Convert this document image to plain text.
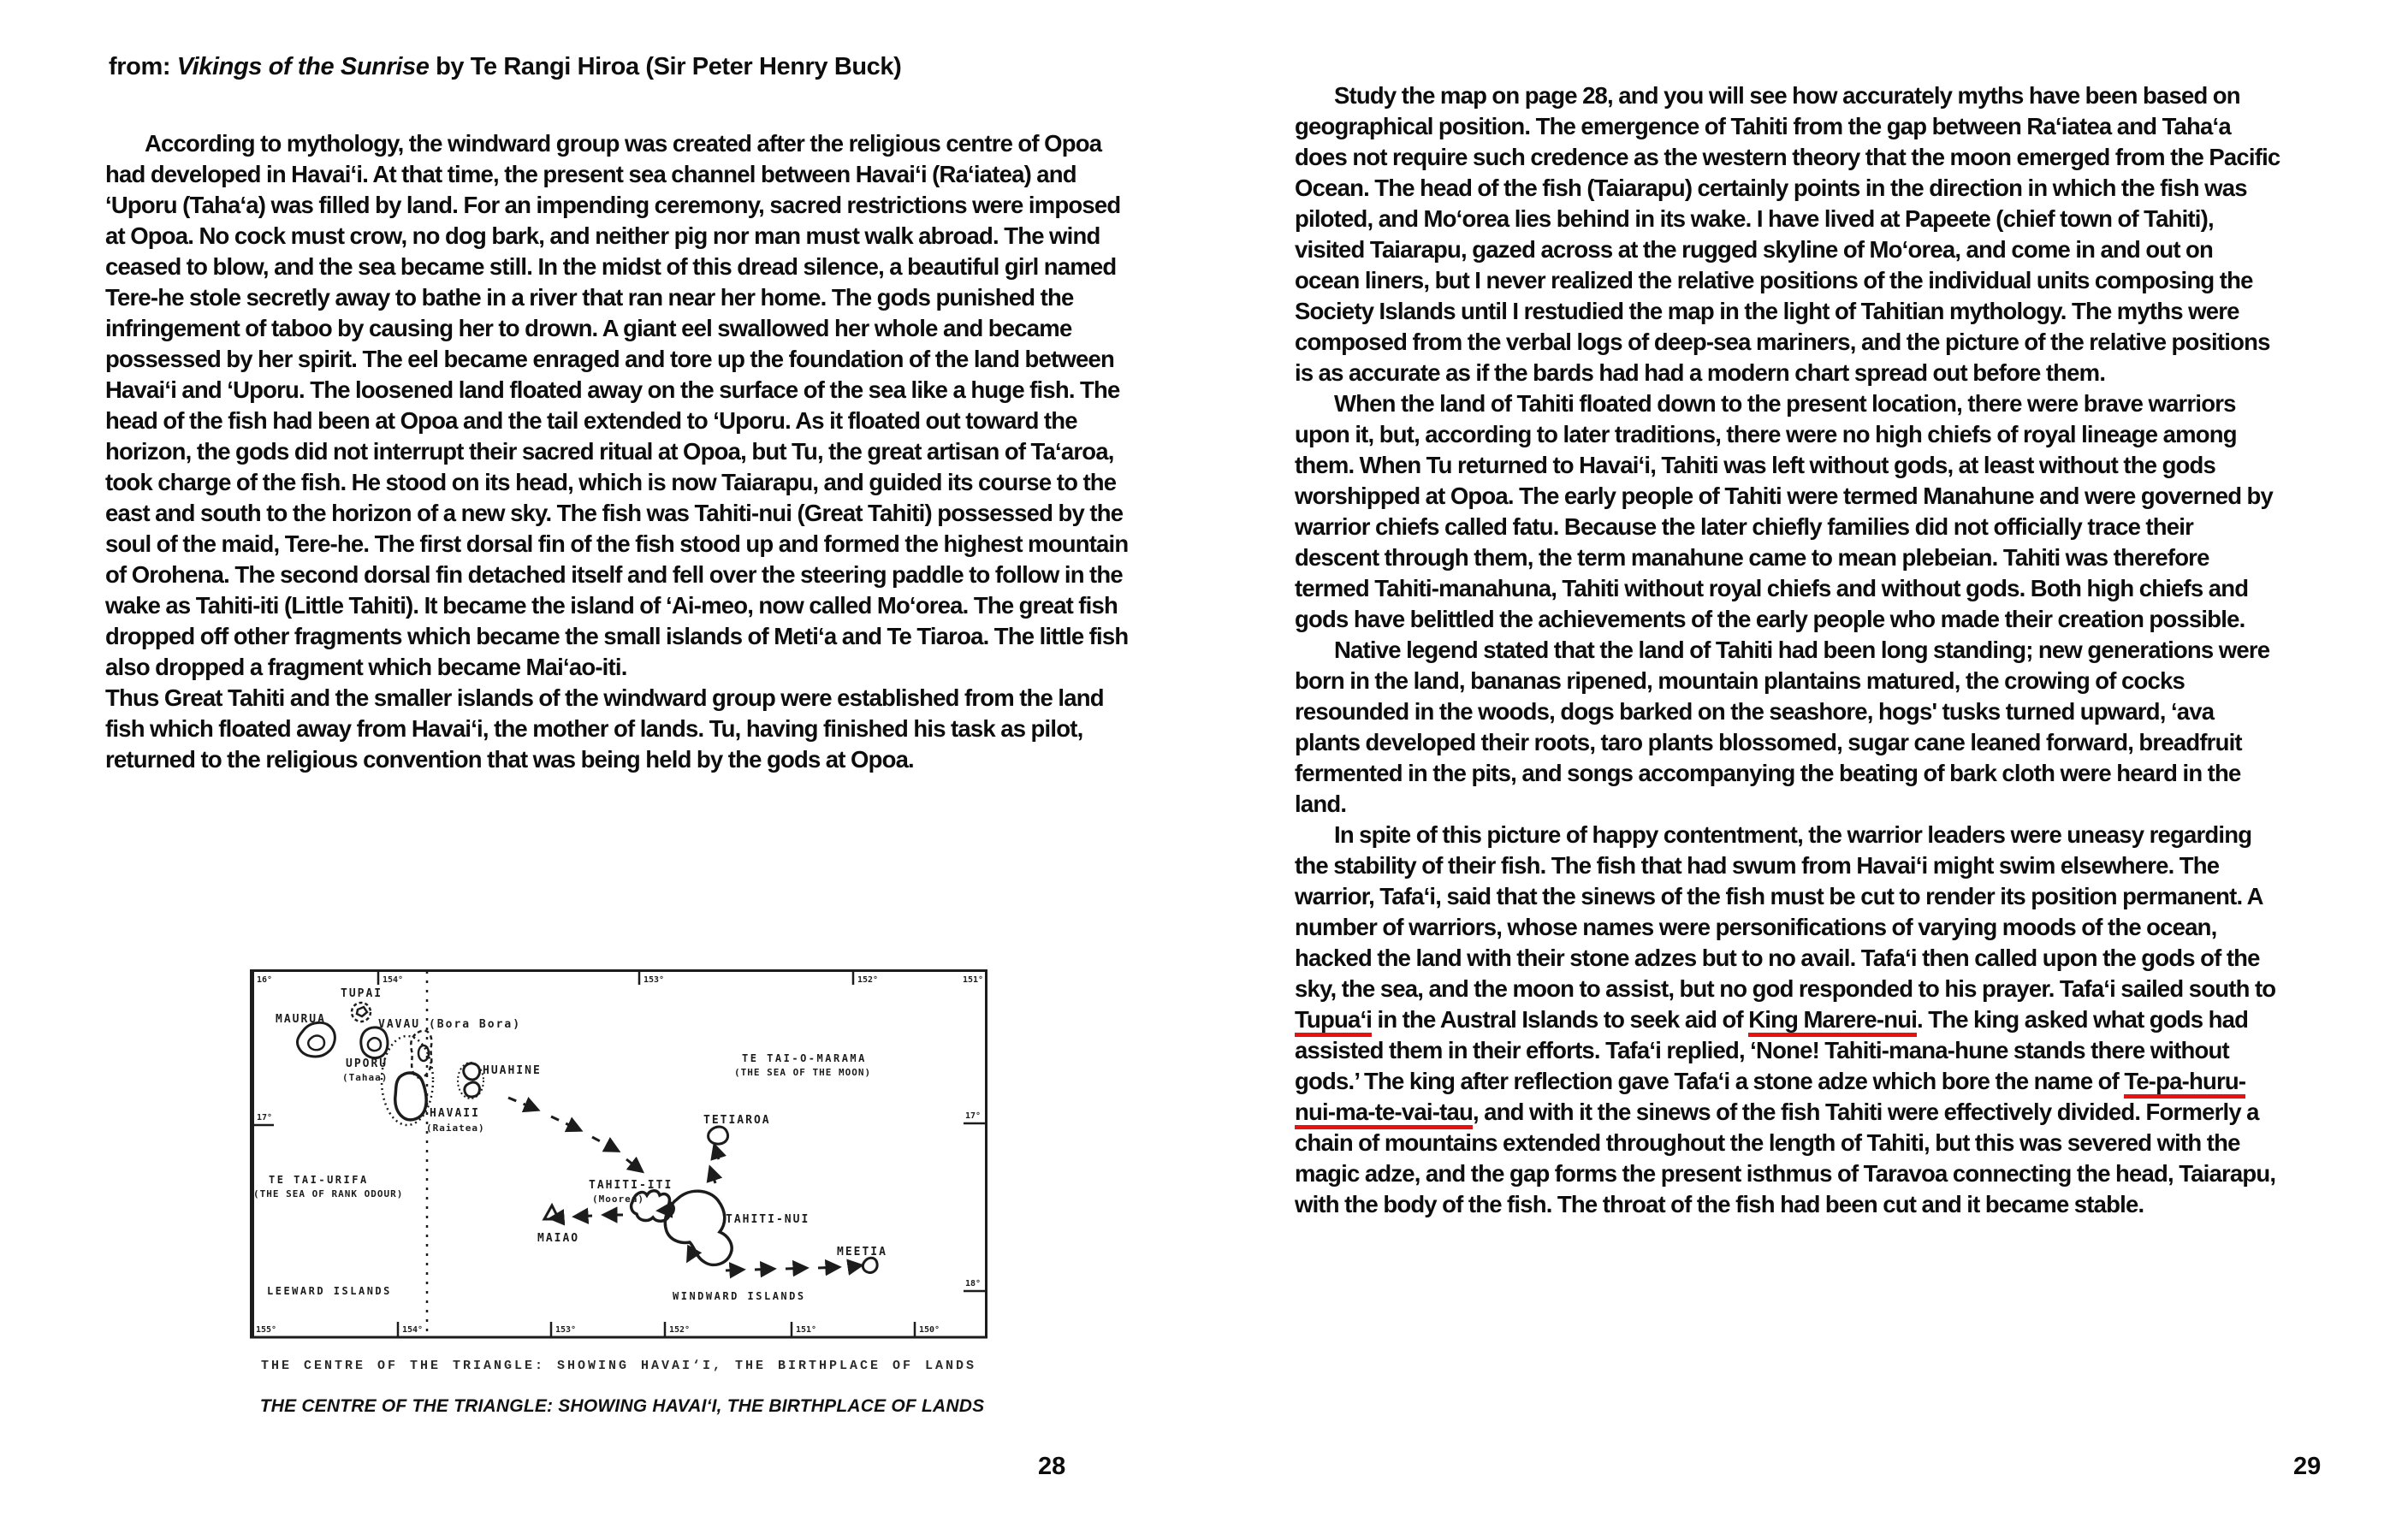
from: Vikings of the Sunrise by Te Rangi Hiroa (Sir Peter Henry Buck)

According to mythology, the windward group was created after the religious centre of Opoa had developed in Havai‘i. At that time, the present sea channel between Havai‘i (Ra‘iatea) and ‘Uporu (Taha‘a) was filled by land. For an impending ceremony, sacred restrictions were imposed at Opoa. No cock must crow, no dog bark, and neither pig nor man must walk abroad. The wind ceased to blow, and the sea became still. In the midst of this dread silence, a beautiful girl named Tere-he stole secretly away to bathe in a river that ran near her home. The gods punished the infringement of taboo by causing her to drown. A giant eel swallowed her whole and became possessed by her spirit. The eel became enraged and tore up the foundation of the land between Havai‘i and ‘Uporu. The loosened land floated away on the surface of the sea like a huge fish. The head of the fish had been at Opoa and the tail extended to ‘Uporu. As it floated out toward the horizon, the gods did not interrupt their sacred ritual at Opoa, but Tu, the great artisan of Ta‘aroa, took charge of the fish. He stood on its head, which is now Taiarapu, and guided its course to the east and south to the horizon of a new sky. The fish was Tahiti-nui (Great Tahiti) possessed by the soul of the maid, Tere-he. The first dorsal fin of the fish stood up and formed the highest mountain of Orohena. The second dorsal fin detached itself and fell over the steering paddle to follow in the wake as Tahiti-iti (Little Tahiti). It became the island of ‘Ai-meo, now called Mo‘orea. The great fish dropped off other fragments which became the small islands of Meti‘a and Te Tiaroa. The little fish also dropped a fragment which became Mai‘ao-iti.

Thus Great Tahiti and the smaller islands of the windward group were established from the land fish which floated away from Havai‘i, the mother of lands. Tu, having finished his task as pilot, returned to the religious convention that was being held by the gods at Opoa.

154°	153°	152°	151°
155°	154°	153°	152°	151°	150°
16°
17°	17°
18°
MAURUA
TUPAI
VAVAU (Bora Bora)
UPORU
(Tahaa)
HAVAII
(Raiatea)
HUAHINE
TETIAROA
TAHITI-ITI
(Moorea)
TAHITI-NUI
MAIAO
MEETIA
TE TAI-URIFA
(THE SEA OF RANK ODOUR)
TE TAI-O-MARAMA
(THE SEA OF THE MOON)
LEEWARD ISLANDS	WINDWARD ISLANDS
THE CENTRE OF THE TRIANGLE: SHOWING HAVAI‘I, THE BIRTHPLACE OF LANDS
THE CENTRE OF THE TRIANGLE: SHOWING HAVAI‘I, THE BIRTHPLACE OF LANDS
28

Study the map on page 28, and you will see how accurately myths have been based on geographical position. The emergence of Tahiti from the gap between Ra‘iatea and Taha‘a does not require such credence as the western theory that the moon emerged from the Pacific Ocean. The head of the fish (Taiarapu) certainly points in the direction in which the fish was piloted, and Mo‘orea lies behind in its wake. I have lived at Papeete (chief town of Tahiti), visited Taiarapu, gazed across at the rugged skyline of Mo‘orea, and come in and out on ocean liners, but I never realized the relative positions of the individual units composing the Society Islands until I restudied the map in the light of Tahitian mythology. The myths were composed from the verbal logs of deep-sea mariners, and the picture of the relative positions is as accurate as if the bards had had a modern chart spread out before them.

When the land of Tahiti floated down to the present location, there were brave warriors upon it, but, according to later traditions, there were no high chiefs of royal lineage among them. When Tu returned to Havai‘i, Tahiti was left without gods, at least without the gods worshipped at Opoa. The early people of Tahiti were termed Manahune and were governed by warrior chiefs called fatu. Because the later chiefly families did not officially trace their descent through them, the term manahune came to mean plebeian. Tahiti was therefore termed Tahiti-manahuna, Tahiti without royal chiefs and without gods. Both high chiefs and gods have belittled the achievements of the early people who made their creation possible.

Native legend stated that the land of Tahiti had been long standing; new generations were born in the land, bananas ripened, mountain plantains matured, the crowing of cocks resounded in the woods, dogs barked on the seashore, hogs' tusks turned upward, ‘ava plants developed their roots, taro plants blossomed, sugar cane leaned forward, breadfruit fermented in the pits, and songs accompanying the beating of bark cloth were heard in the land.

In spite of this picture of happy contentment, the warrior leaders were uneasy regarding the stability of their fish. The fish that had swum from Havai‘i might swim elsewhere. The warrior, Tafa‘i, said that the sinews of the fish must be cut to render its position permanent. A number of warriors, whose names were personifications of varying moods of the ocean, hacked the land with their stone adzes but to no avail. Tafa‘i then called upon the gods of the sky, the sea, and the moon to assist, but no god responded to his prayer. Tafa‘i sailed south to Tupua‘i in the Austral Islands to seek aid of King Marere-nui. The king asked what gods had assisted them in their efforts. Tafa‘i replied, ‘None! Tahiti-mana-hune stands there without gods.’ The king after reflection gave Tafa‘i a stone adze which bore the name of Te-pa-huru-nui-ma-te-vai-tau, and with it the sinews of the fish Tahiti were effectively divided. Formerly a chain of mountains extended throughout the length of Tahiti, but this was severed with the magic adze, and the gap forms the present isthmus of Taravoa connecting the head, Taiarapu, with the body of the fish. The throat of the fish had been cut and it became stable.

29
